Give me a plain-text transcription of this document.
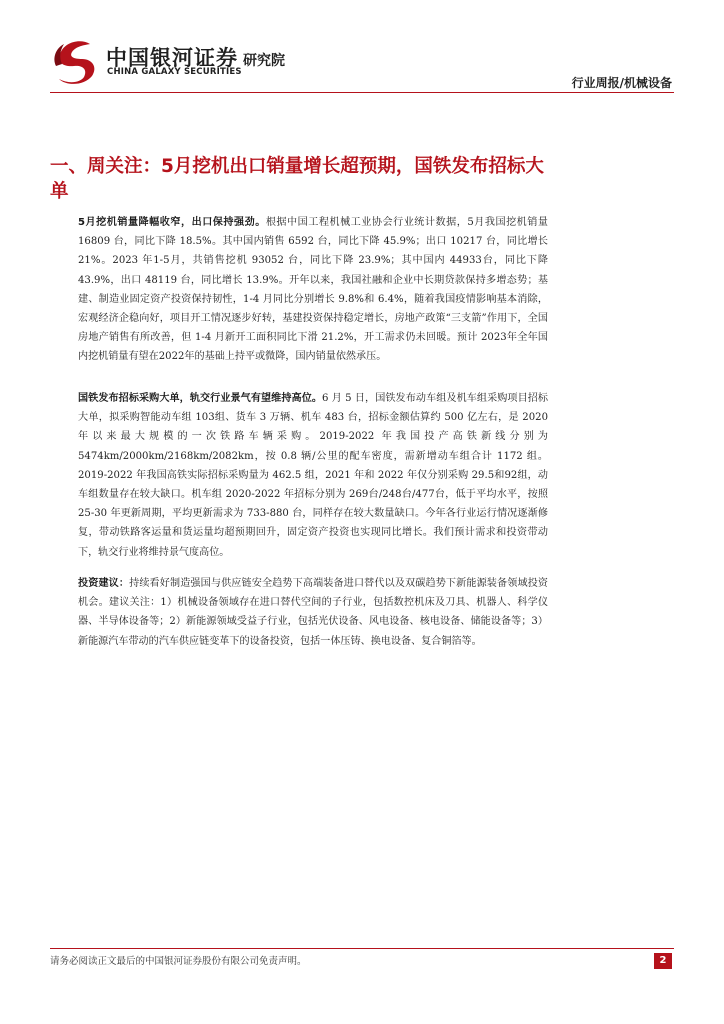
中国银河证券 研究院
CHINA GALAXY SECURITIES
行业周报/机械设备
一、周关注：5月挖机出口销量增长超预期，国铁发布招标大单

5月挖机销量降幅收窄，出口保持强劲。根据中国工程机械工业协会行业统计数据，5月我国挖机销量 16809 台，同比下降 18.5%。其中国内销售 6592 台，同比下降 45.9%；出口 10217 台，同比增长21%。2023 年1-5月，共销售挖机 93052 台，同比下降 23.9%；其中国内 44933台，同比下降 43.9%，出口 48119 台，同比增长 13.9%。开年以来，我国社融和企业中长期贷款保持多增态势；基建、制造业固定资产投资保持韧性，1-4 月同比分别增长 9.8%和 6.4%，随着我国疫情影响基本消除，宏观经济企稳向好，项目开工情况逐步好转，基建投资保持稳定增长，房地产政策“三支箭”作用下，全国房地产销售有所改善，但 1-4 月新开工面积同比下滑 21.2%，开工需求仍未回暖。预计 2023年全年国内挖机销量有望在2022年的基础上持平或微降，国内销量依然承压。

国铁发布招标采购大单，轨交行业景气有望维持高位。6 月 5 日，国铁发布动车组及机车组采购项目招标大单，拟采购智能动车组 103组、货车 3 万辆、机车 483 台，招标金额估算约 500 亿左右，是 2020 年以来最大规模的一次铁路车辆采购。2019-2022 年我国投产高铁新线分别为 5474km/2000km/2168km/2082km，按 0.8 辆/公里的配车密度，需新增动车组合计 1172 组。2019-2022 年我国高铁实际招标采购量为 462.5 组，2021 年和 2022 年仅分别采购 29.5和92组，动车组数量存在较大缺口。机车组 2020-2022 年招标分别为 269台/248台/477台，低于平均水平，按照 25-30 年更新周期，平均更新需求为 733-880 台，同样存在较大数量缺口。今年各行业运行情况逐渐修复，带动铁路客运量和货运量均超预期回升，固定资产投资也实现同比增长。我们预计需求和投资带动下，轨交行业将维持景气度高位。

投资建议：持续看好制造强国与供应链安全趋势下高端装备进口替代以及双碳趋势下新能源装备领域投资机会。建议关注：1）机械设备领域存在进口替代空间的子行业，包括数控机床及刀具、机器人、科学仪器、半导体设备等；2）新能源领域受益子行业，包括光伏设备、风电设备、核电设备、储能设备等；3）新能源汽车带动的汽车供应链变革下的设备投资，包括一体压铸、换电设备、复合铜箔等。

请务必阅读正文最后的中国银河证券股份有限公司免责声明。	2
